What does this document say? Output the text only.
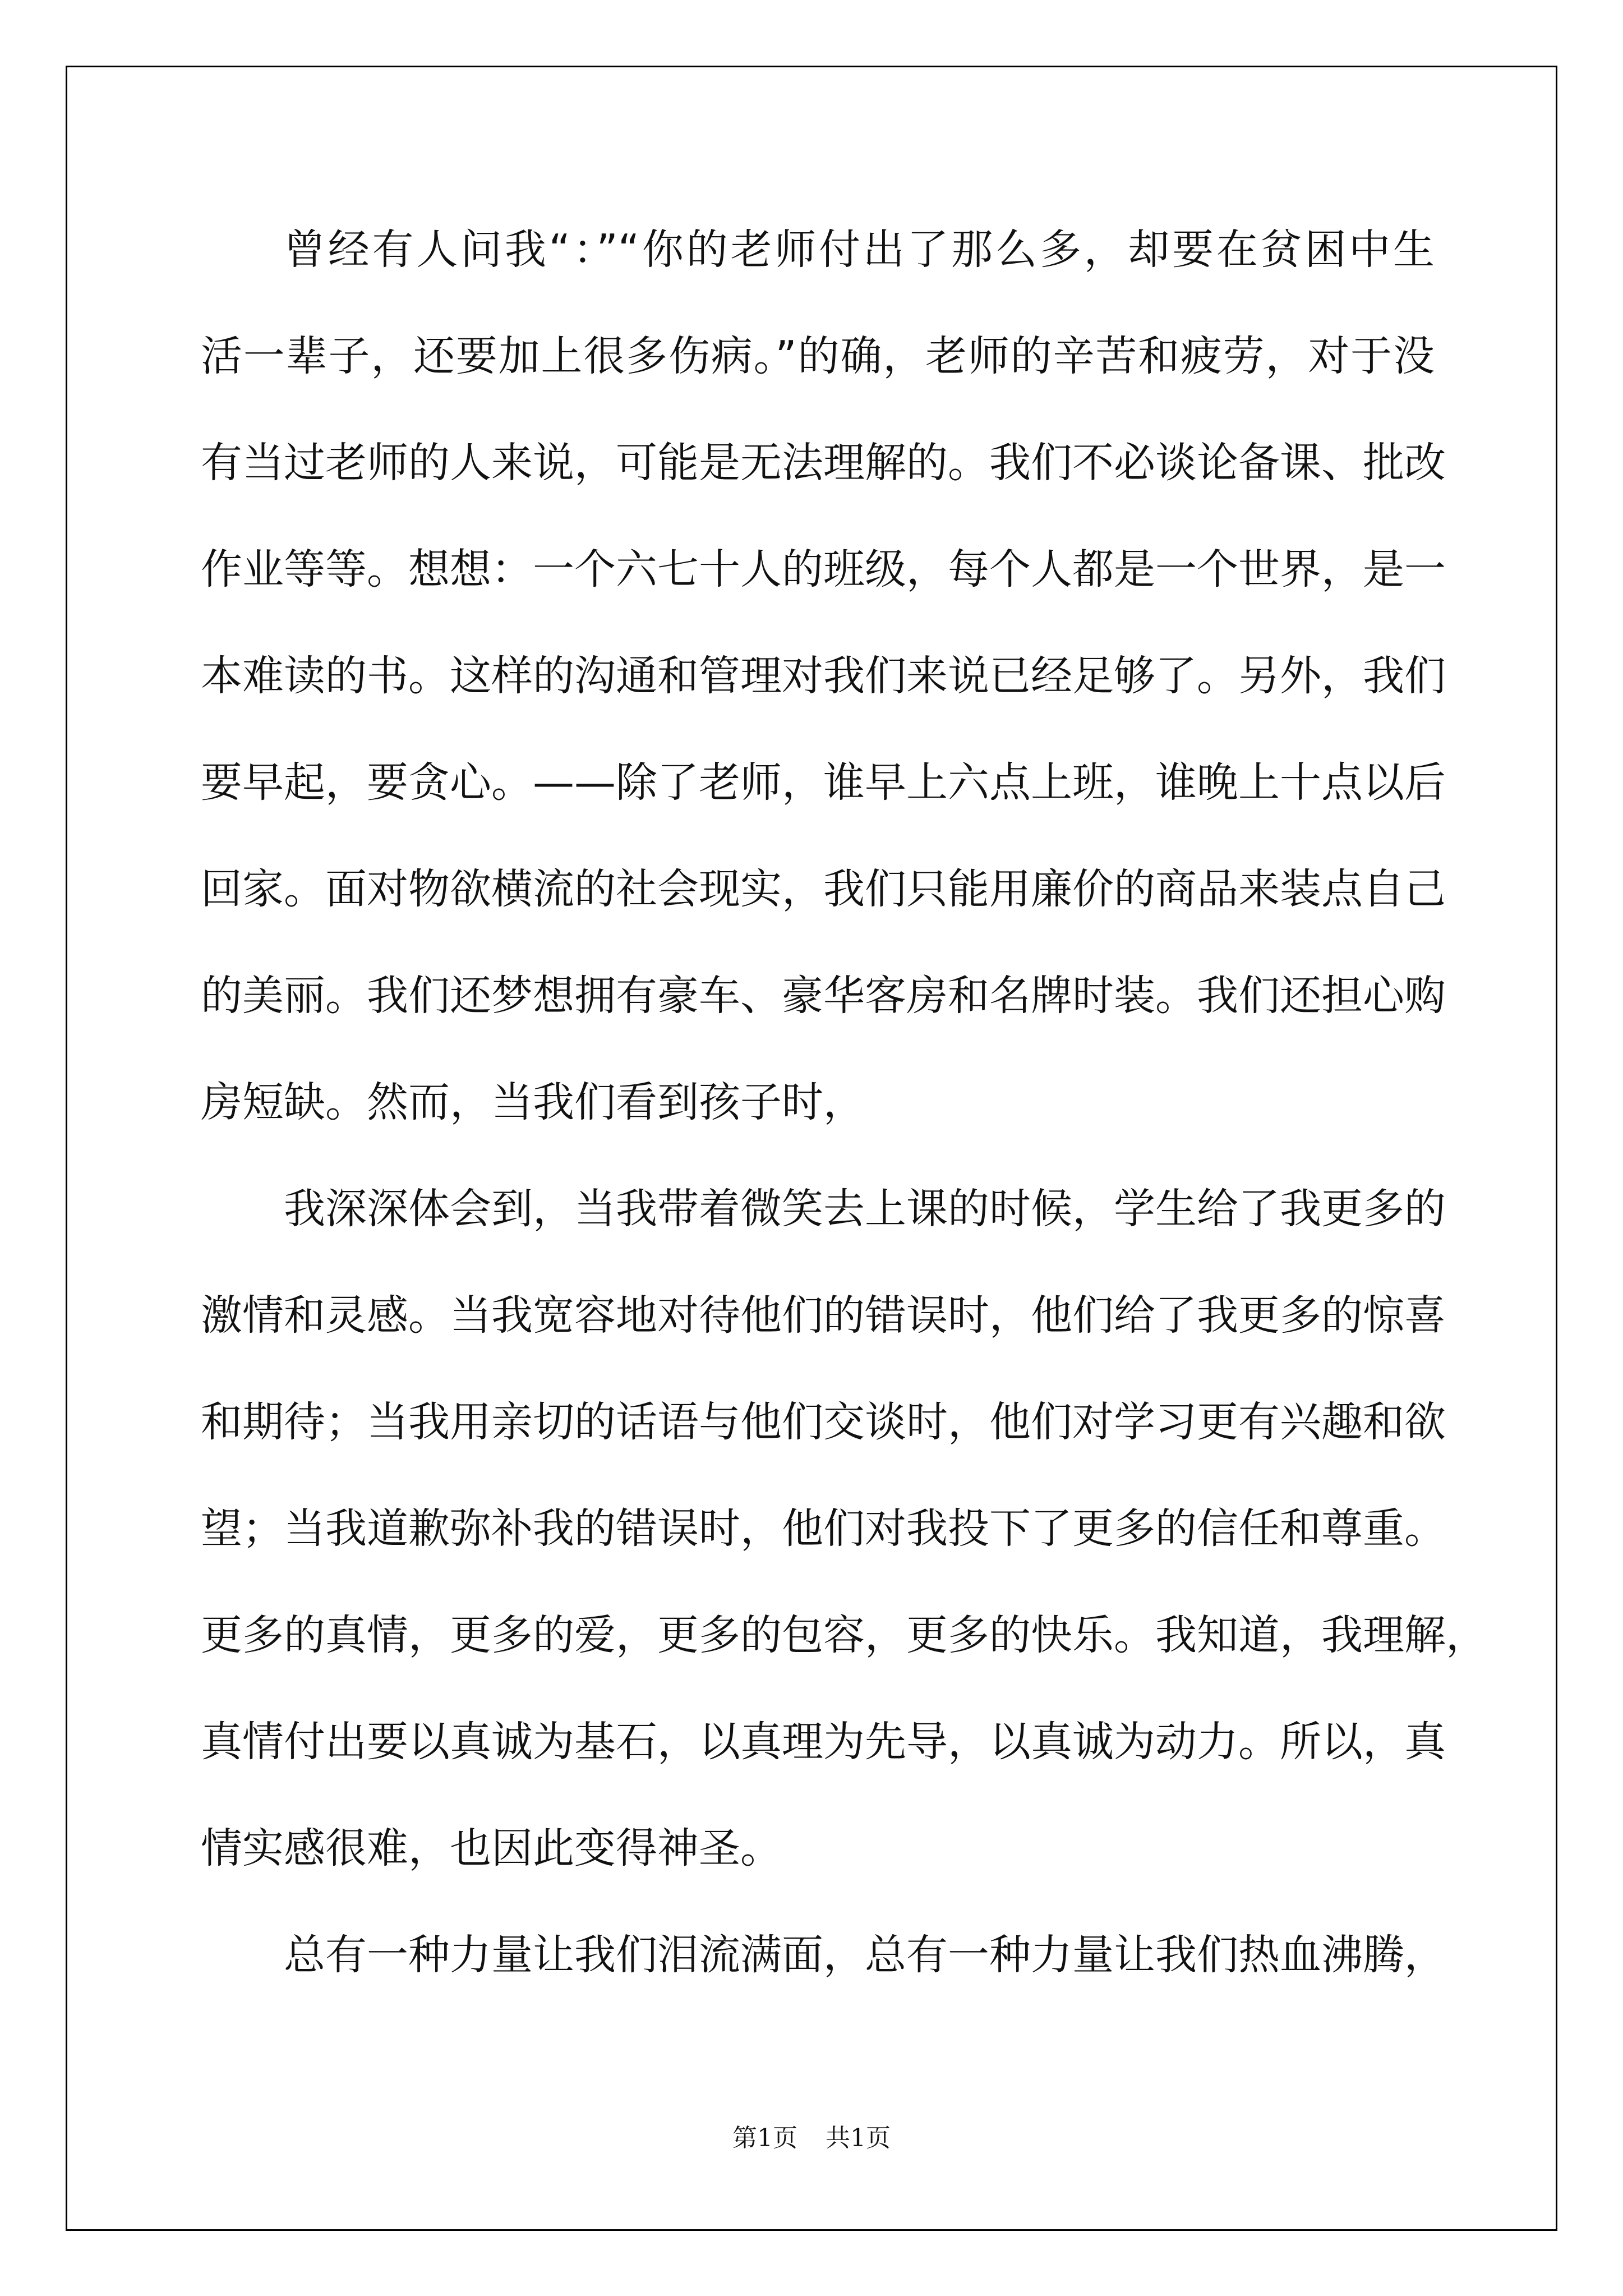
曾经有人问我“：”“你的老师付出了那么多，却要在贫困中生
活一辈子，还要加上很多伤病。”的确，老师的辛苦和疲劳，对于没
有当过老师的人来说，可能是无法理解的。我们不必谈论备课、批改
作业等等。想想：一个六七十人的班级，每个人都是一个世界，是一
本难读的书。这样的沟通和管理对我们来说已经足够了。另外，我们
要早起，要贪心。——除了老师，谁早上六点上班，谁晚上十点以后
回家。面对物欲横流的社会现实，我们只能用廉价的商品来装点自己
的美丽。我们还梦想拥有豪车、豪华客房和名牌时装。我们还担心购
房短缺。然而，当我们看到孩子时，
我深深体会到，当我带着微笑去上课的时候，学生给了我更多的
激情和灵感。当我宽容地对待他们的错误时，他们给了我更多的惊喜
和期待；当我用亲切的话语与他们交谈时，他们对学习更有兴趣和欲
望；当我道歉弥补我的错误时，他们对我投下了更多的信任和尊重。
更多的真情，更多的爱，更多的包容，更多的快乐。我知道，我理解，
真情付出要以真诚为基石，以真理为先导，以真诚为动力。所以，真
情实感很难，也因此变得神圣。
总有一种力量让我们泪流满面，总有一种力量让我们热血沸腾，
第1页 共1页
